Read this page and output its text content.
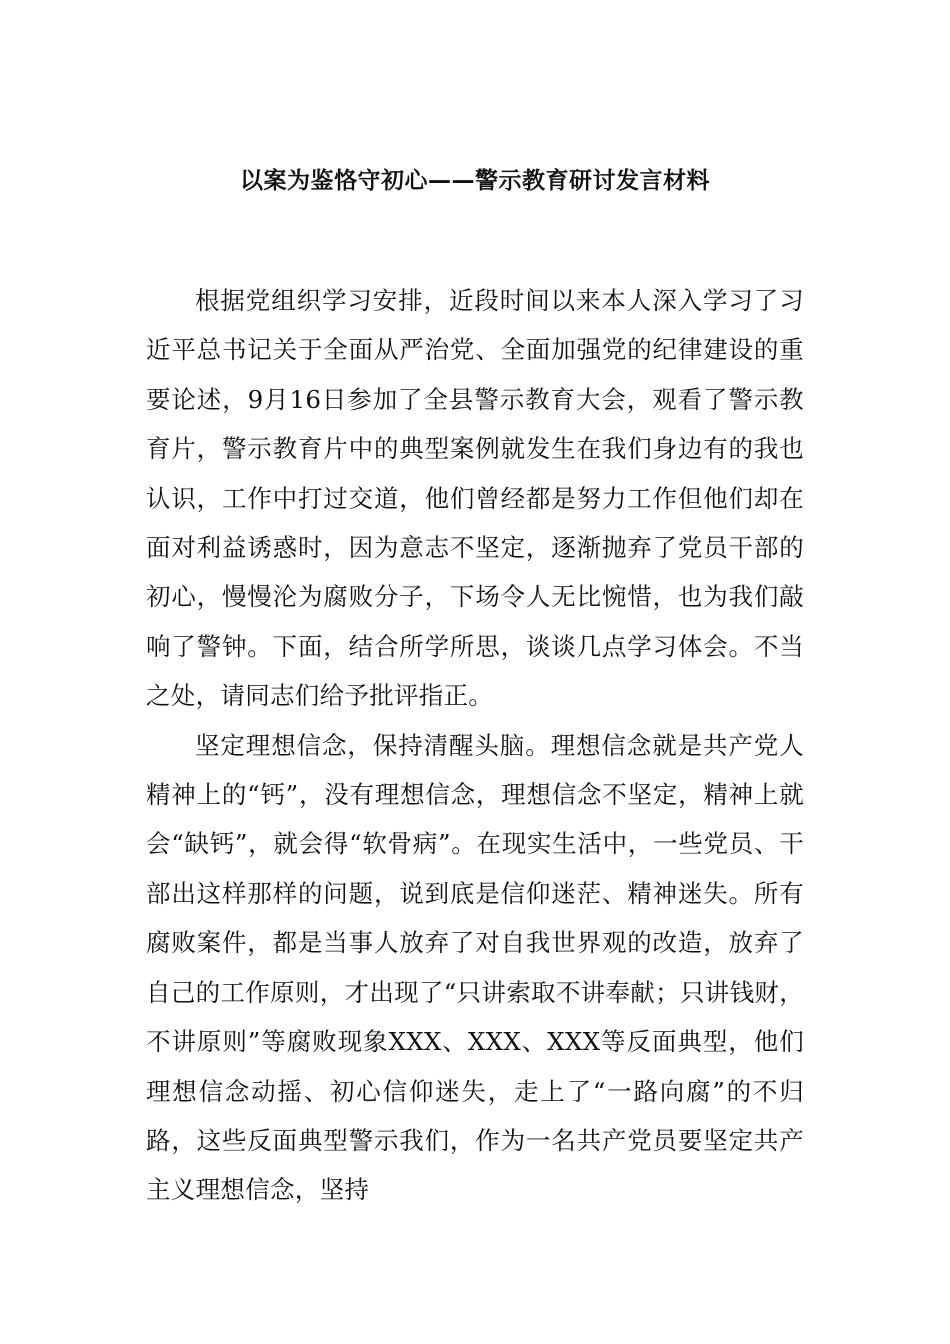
以案为鉴恪守初心——警示教育研讨发言材料

根据党组织学习安排，近段时间以来本人深入学习了习近平总书记关于全面从严治党、全面加强党的纪律建设的重要论述，9月16日参加了全县警示教育大会，观看了警示教育片，警示教育片中的典型案例就发生在我们身边有的我也认识，工作中打过交道，他们曾经都是努力工作但他们却在面对利益诱惑时，因为意志不坚定，逐渐抛弃了党员干部的初心，慢慢沦为腐败分子，下场令人无比惋惜，也为我们敲响了警钟。下面，结合所学所思，谈谈几点学习体会。不当之处，请同志们给予批评指正。

坚定理想信念，保持清醒头脑。理想信念就是共产党人精神上的“钙”，没有理想信念，理想信念不坚定，精神上就会“缺钙”，就会得“软骨病”。在现实生活中，一些党员、干部出这样那样的问题，说到底是信仰迷茫、精神迷失。所有腐败案件，都是当事人放弃了对自我世界观的改造，放弃了自己的工作原则，才出现了“只讲索取不讲奉献；只讲钱财，不讲原则”等腐败现象XXX、XXX、XXX等反面典型，他们理想信念动摇、初心信仰迷失，走上了“一路向腐”的不归路，这些反面典型警示我们，作为一名共产党员要坚定共产主义理想信念，坚持
